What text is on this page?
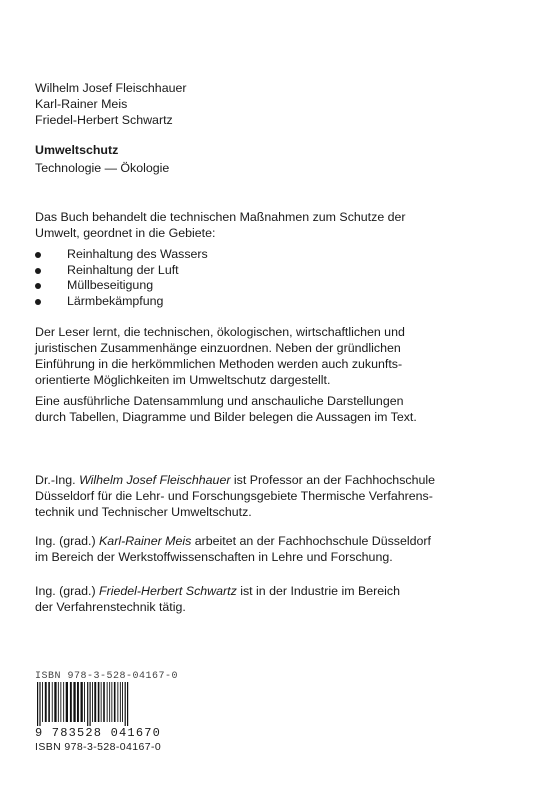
Wilhelm Josef Fleischhauer
Karl-Rainer Meis
Friedel-Herbert Schwartz
Umweltschutz
Technologie — Ökologie
Das Buch behandelt die technischen Maßnahmen zum Schutze der
Umwelt, geordnet in die Gebiete:
Reinhaltung des Wassers
Reinhaltung der Luft
Müllbeseitigung
Lärmbekämpfung
Der Leser lernt, die technischen, ökologischen, wirtschaftlichen und
juristischen Zusammenhänge einzuordnen. Neben der gründlichen
Einführung in die herkömmlichen Methoden werden auch zukunfts-
orientierte Möglichkeiten im Umweltschutz dargestellt.
Eine ausführliche Datensammlung und anschauliche Darstellungen
durch Tabellen, Diagramme und Bilder belegen die Aussagen im Text.
Dr.-Ing. Wilhelm Josef Fleischhauer ist Professor an der Fachhochschule
Düsseldorf für die Lehr- und Forschungsgebiete Thermische Verfahrens-
technik und Technischer Umweltschutz.
Ing. (grad.) Karl-Rainer Meis arbeitet an der Fachhochschule Düsseldorf
im Bereich der Werkstoffwissenschaften in Lehre und Forschung.
Ing. (grad.) Friedel-Herbert Schwartz ist in der Industrie im Bereich
der Verfahrenstechnik tätig.
ISBN 978-3-528-04167-0
9 783528 041670
ISBN 978-3-528-04167-0
